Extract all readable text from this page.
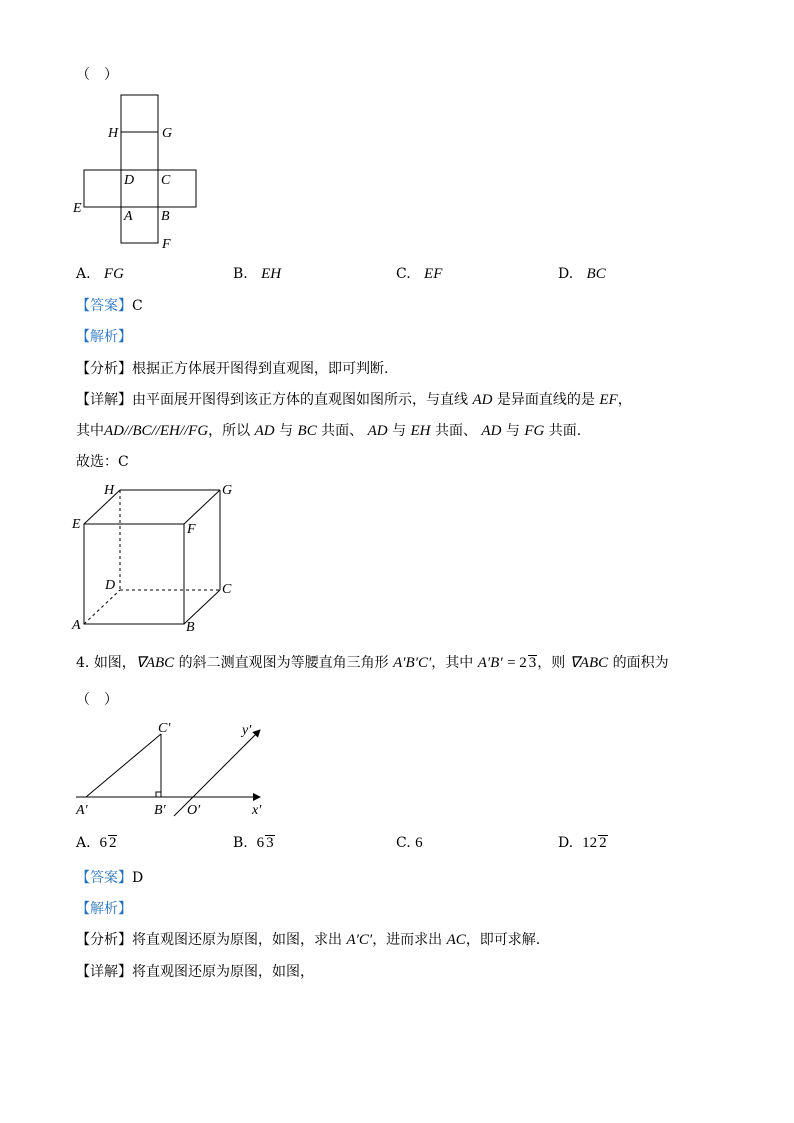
（　）
H	G
D C
E
A B
F
A. FG	B. EH	C. EF	D. BC
【答案】C
【解析】
【分析】根据正方体展开图得到直观图，即可判断.
【详解】由平面展开图得到该正方体的直观图如图所示，与直线 AD 是异面直线的是 EF，
其中AD//BC//EH//FG，所以 AD 与 BC 共面、 AD 与 EH 共面、 AD 与 FG 共面.
故选：C
H	G
E	F
D	C
A	B
4. 如图，∇ABC 的斜二测直观图为等腰直角三角形 A′B′C′，其中 A′B′ = 2 3，则 ∇ABC 的面积为
（　）
C′	y′
A′	B′ O′	x′
A. 6 2	B. 6 3	C. 6	D. 12 2
【答案】D
【解析】
【分析】将直观图还原为原图，如图，求出 A′C′，进而求出 AC，即可求解.
【详解】将直观图还原为原图，如图，
